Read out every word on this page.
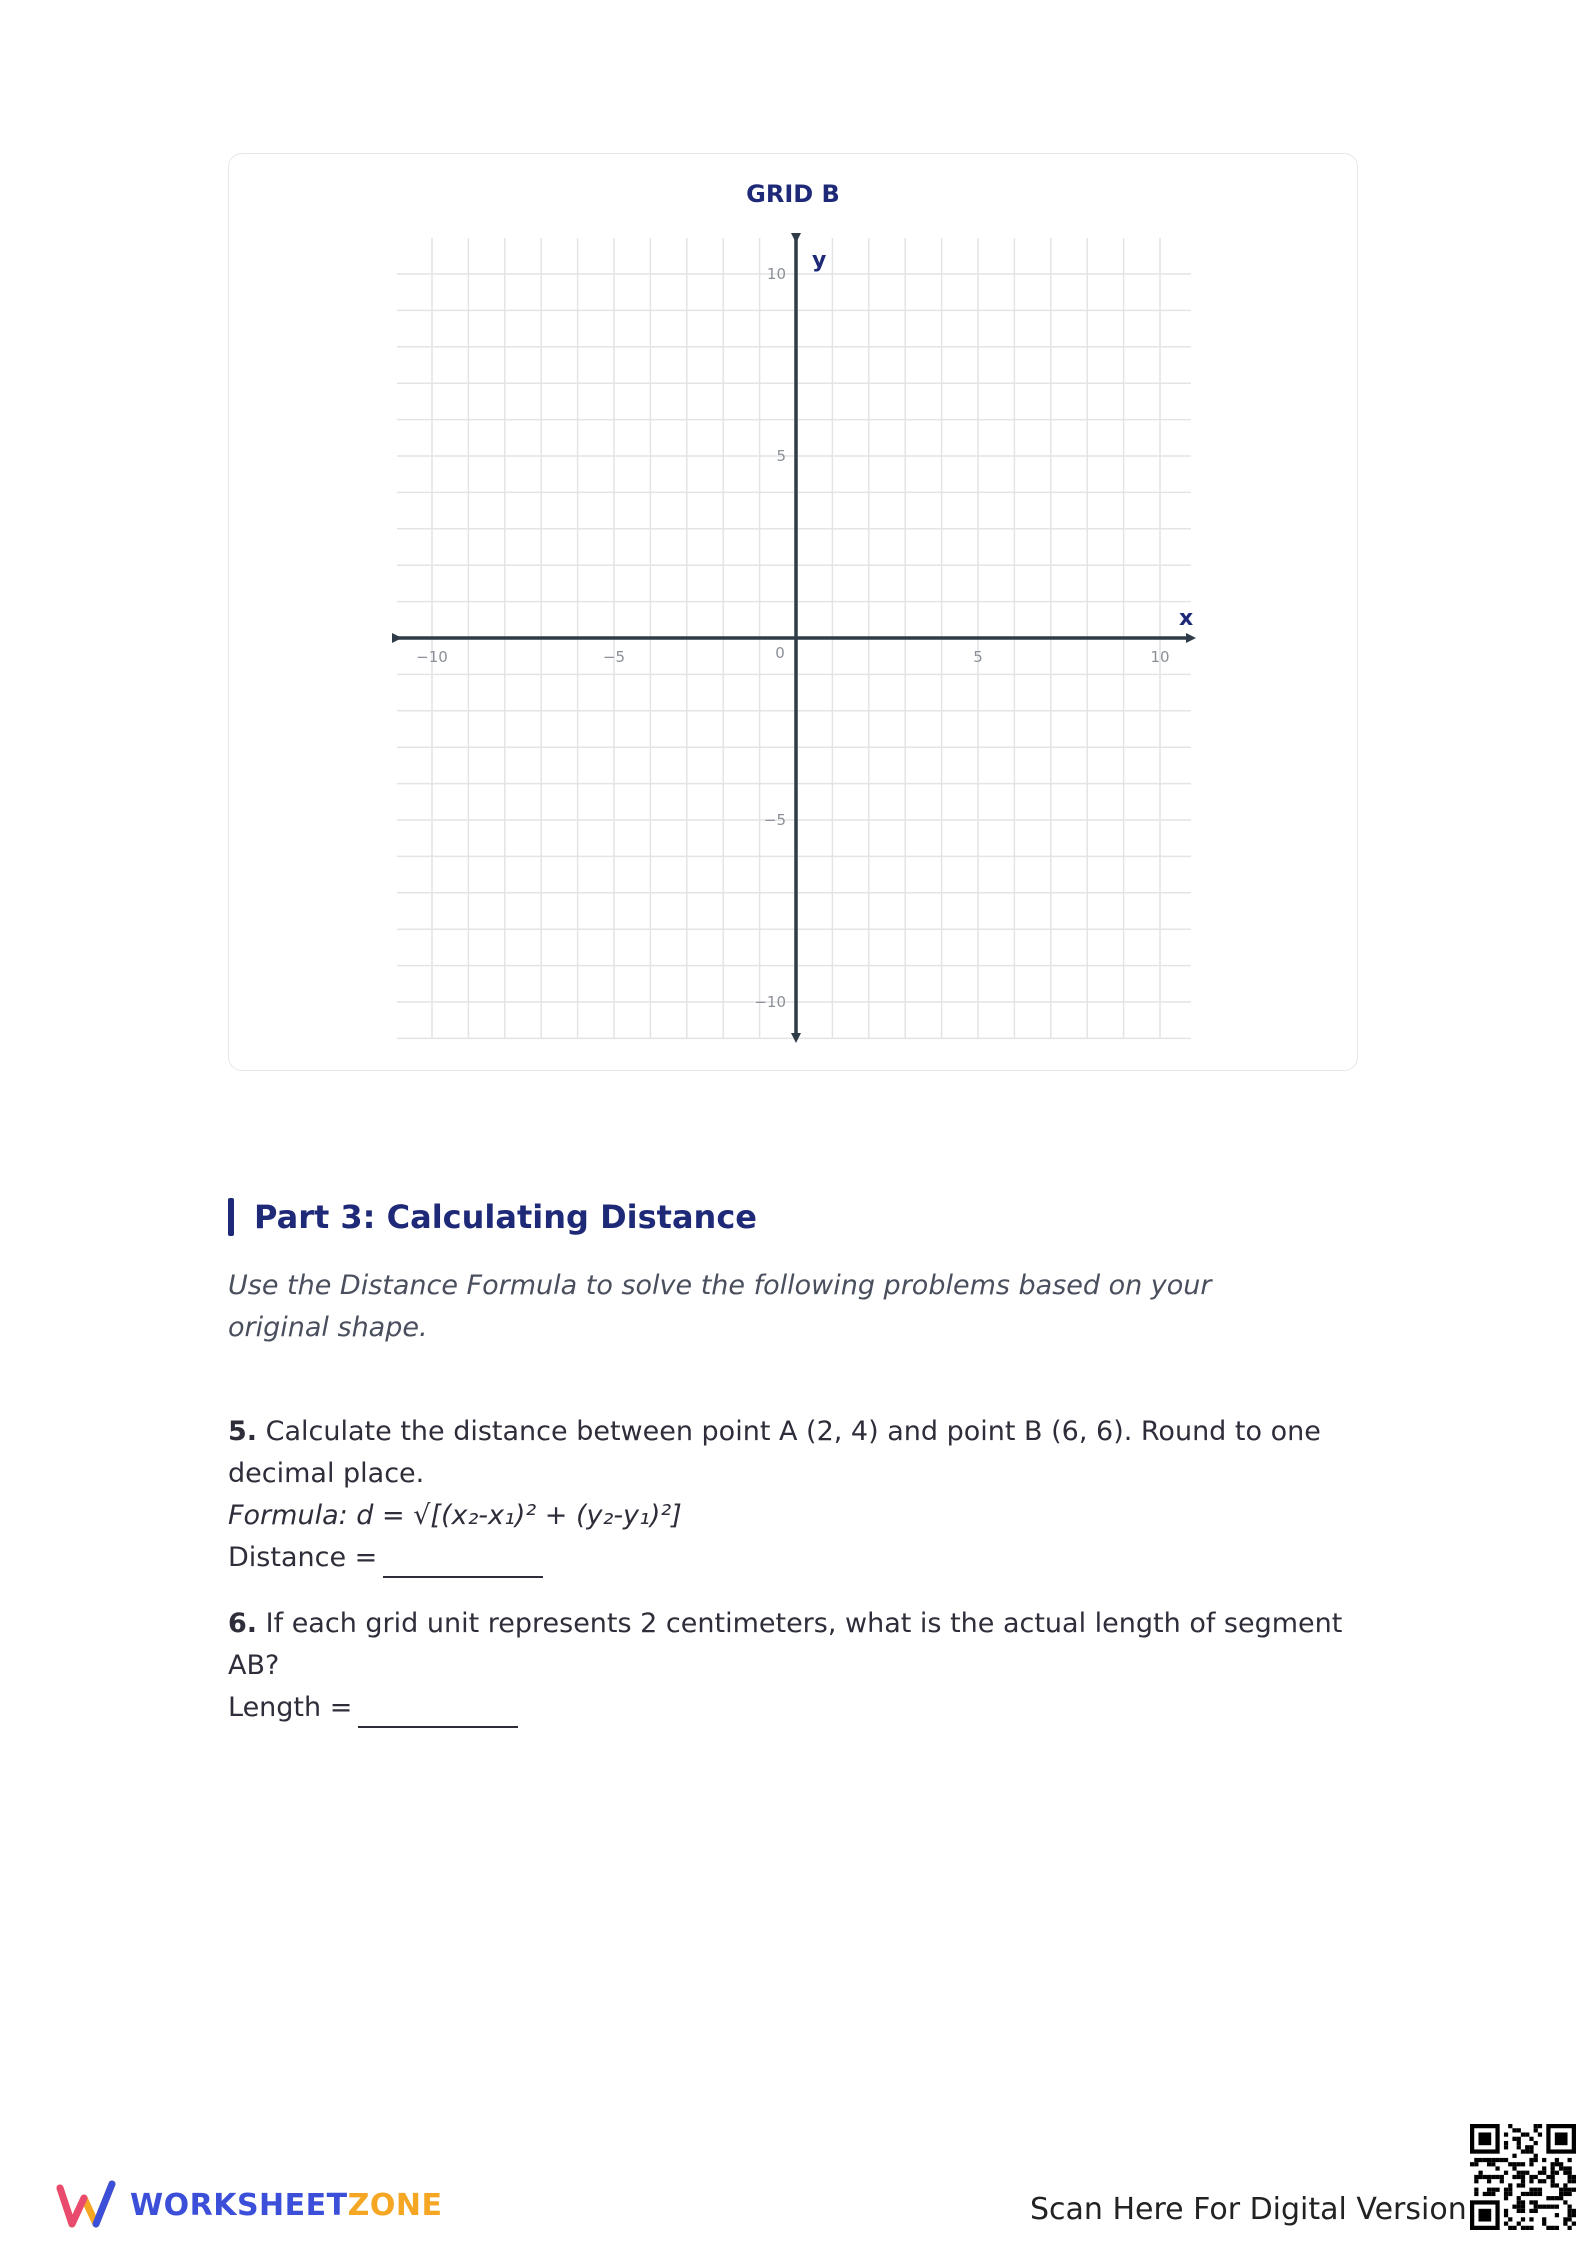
GRID B
x
y
−10	−5	0	5	10
10
5
−5
−10
Part 3: Calculating Distance
Use the Distance Formula to solve the following problems based on your original shape.
5. Calculate the distance between point A (2, 4) and point B (6, 6). Round to one decimal place.
Formula: d = √[(x₂-x₁)² + (y₂-y₁)²]
Distance =
6. If each grid unit represents 2 centimeters, what is the actual length of segment AB?
Length =
WORKSHEETZONE	Scan Here For Digital Version
